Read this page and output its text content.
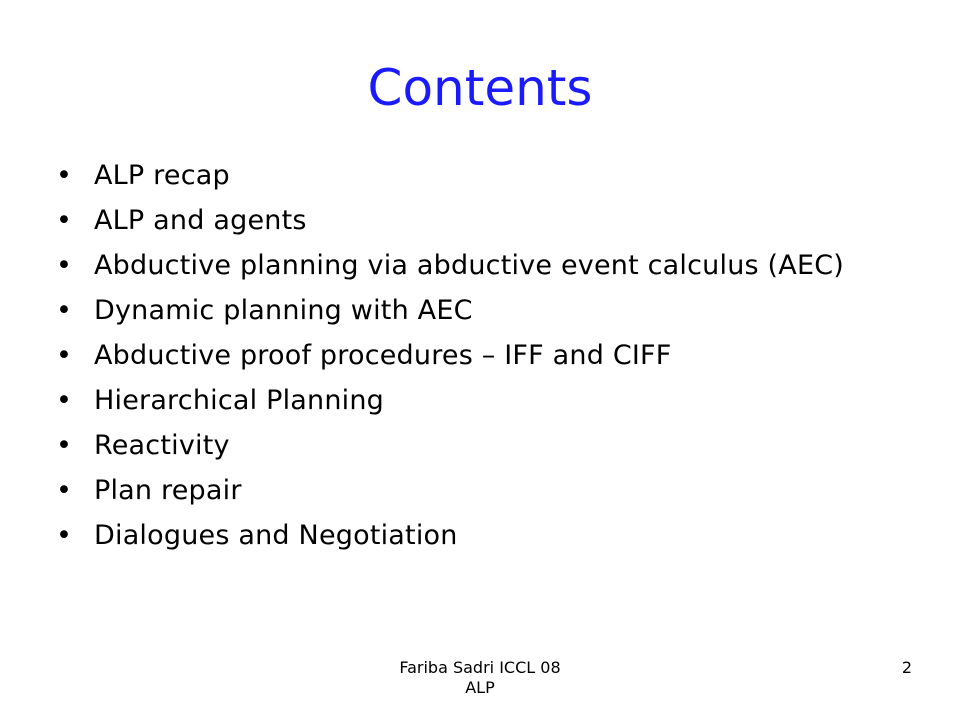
Contents
• ALP recap
• ALP and agents
• Abductive planning via abductive event calculus (AEC)
• Dynamic planning with AEC
• Abductive proof procedures – IFF and CIFF
• Hierarchical Planning
• Reactivity
• Plan repair
• Dialogues and Negotiation
Fariba Sadri ICCL 08
ALP
2
